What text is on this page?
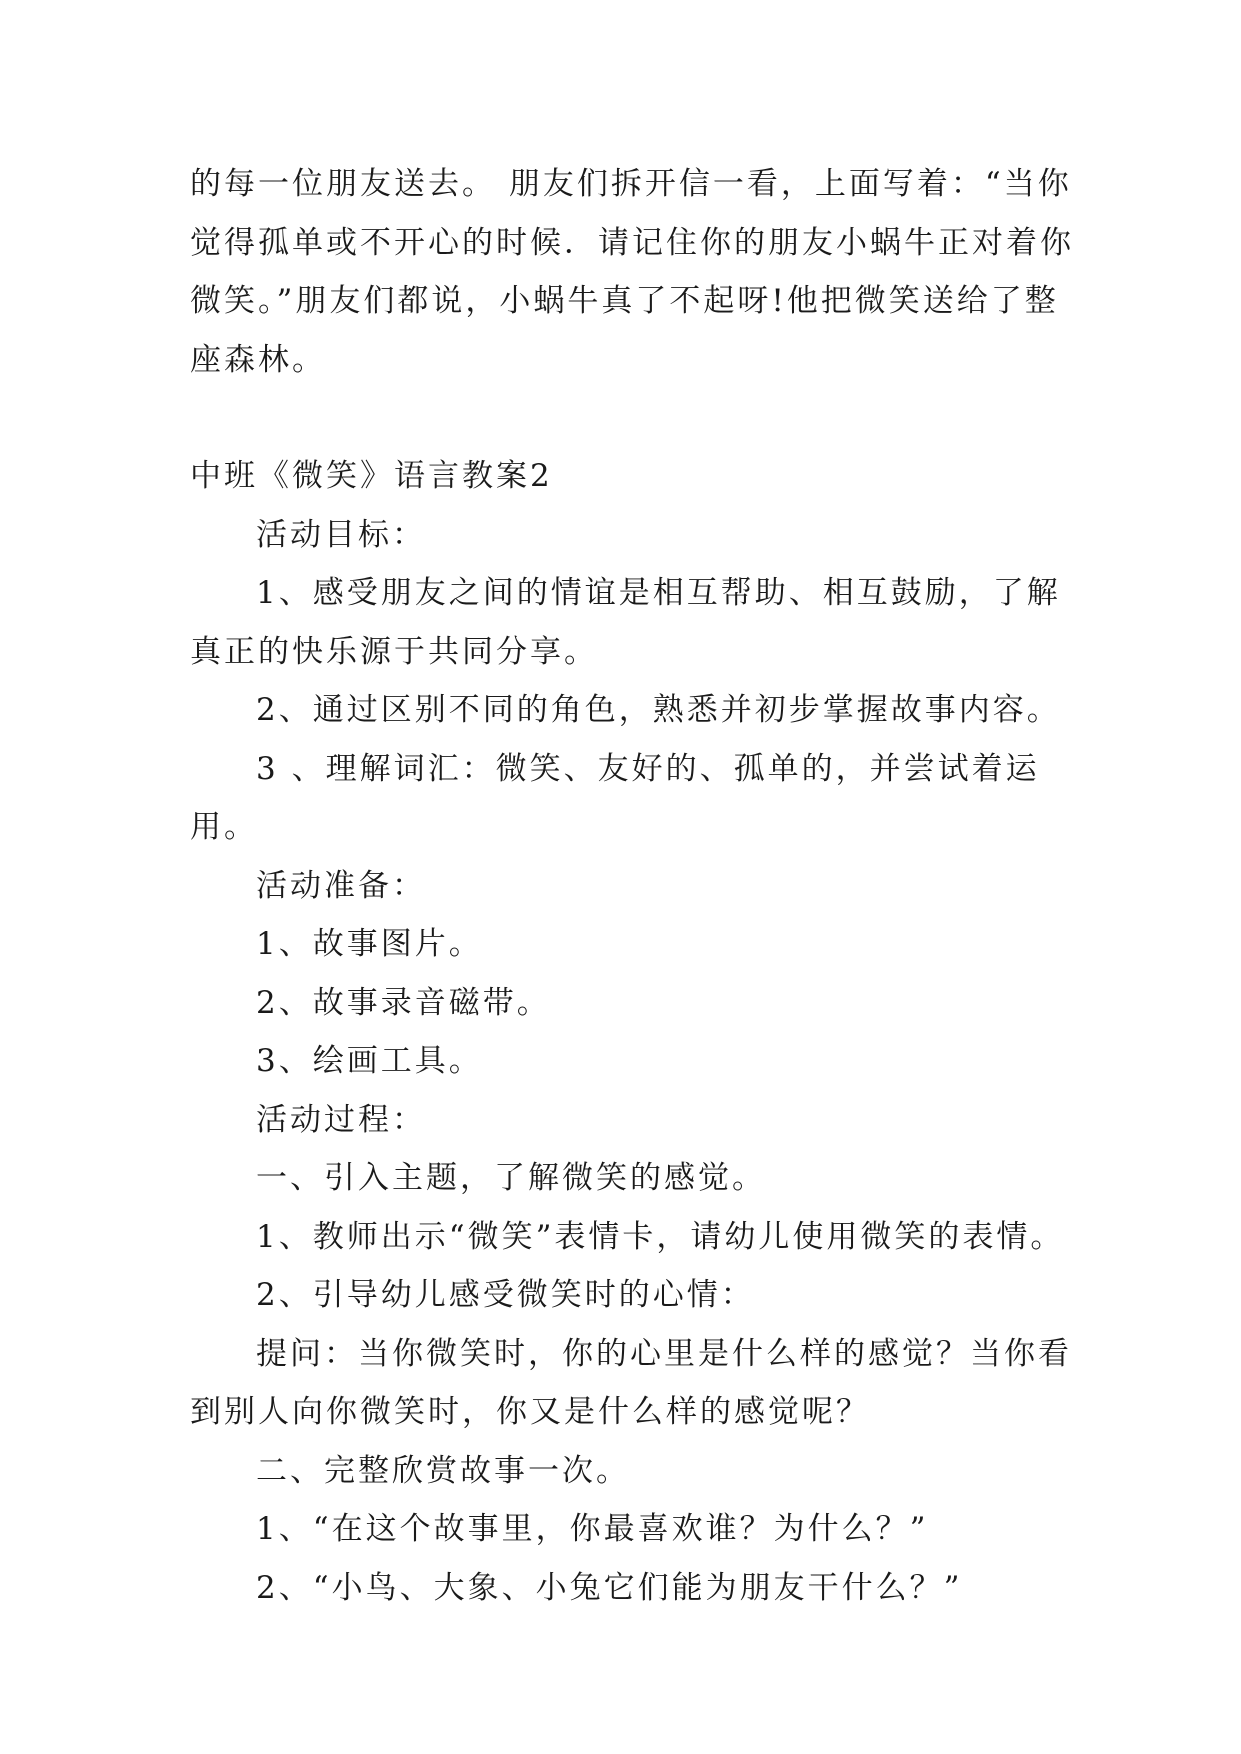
的每一位朋友送去。 朋友们拆开信一看，上面写着：“当你觉得孤单或不开心的时候．请记住你的朋友小蜗牛正对着你微笑。”朋友们都说，小蜗牛真了不起呀!他把微笑送给了整座森林。

中班《微笑》语言教案2

活动目标：

1、感受朋友之间的情谊是相互帮助、相互鼓励，了解真正的快乐源于共同分享。

2、通过区别不同的角色，熟悉并初步掌握故事内容。

3 、理解词汇：微笑、友好的、孤单的，并尝试着运用。

活动准备：

1、故事图片。

2、故事录音磁带。

3、绘画工具。

活动过程：

一、引入主题，了解微笑的感觉。

1、教师出示“微笑”表情卡，请幼儿使用微笑的表情。

2、引导幼儿感受微笑时的心情：

提问：当你微笑时，你的心里是什么样的感觉？当你看到别人向你微笑时，你又是什么样的感觉呢？

二、完整欣赏故事一次。

1、“在这个故事里，你最喜欢谁？为什么？”

2、“小鸟、大象、小兔它们能为朋友干什么？”
